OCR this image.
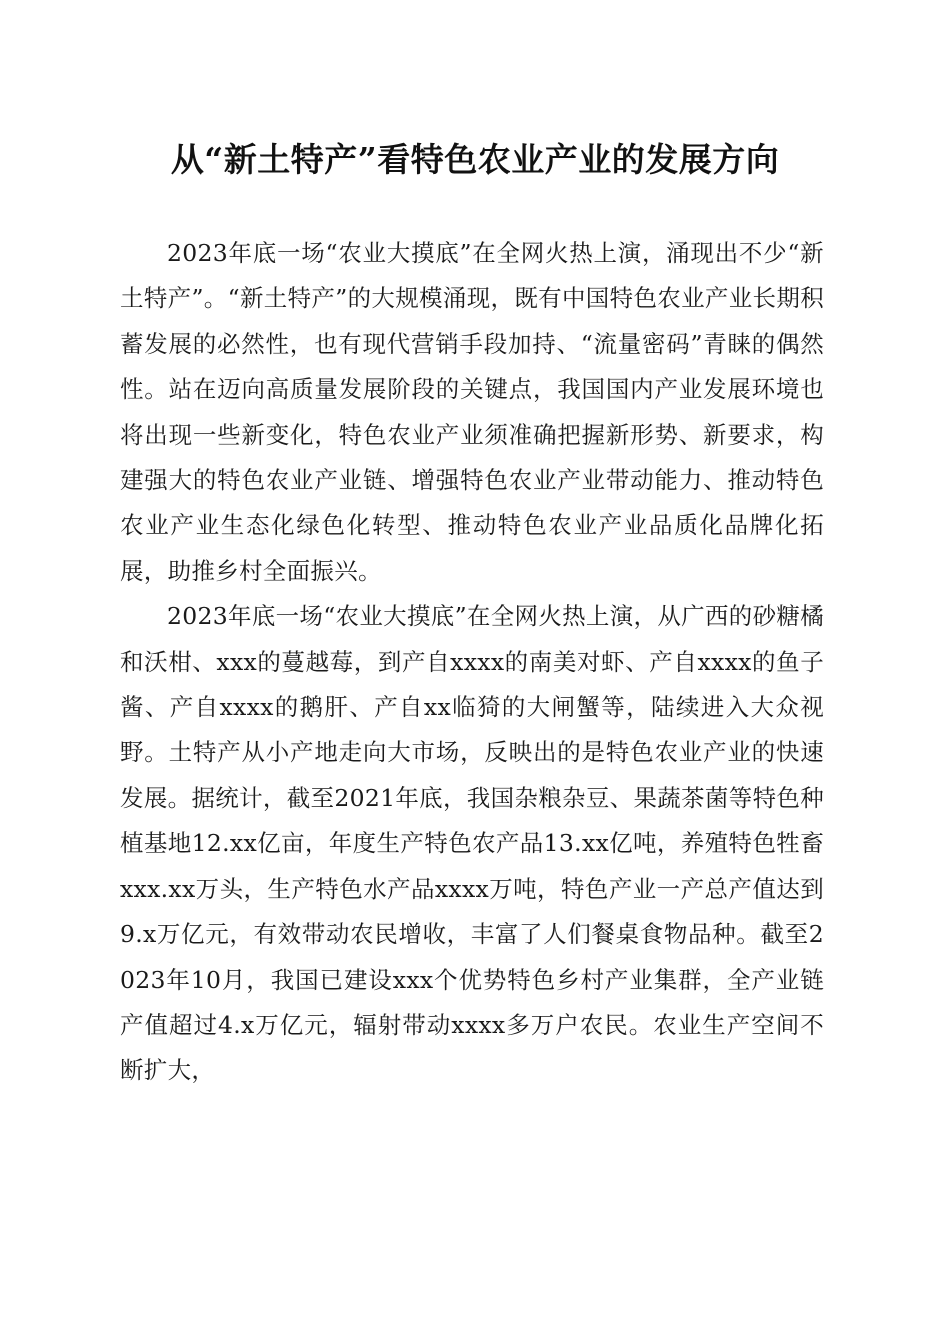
从“新土特产”看特色农业产业的发展方向

2023年底一场“农业大摸底”在全网火热上演，涌现出不少“新土特产”。“新土特产”的大规模涌现，既有中国特色农业产业长期积蓄发展的必然性，也有现代营销手段加持、“流量密码”青睐的偶然性。站在迈向高质量发展阶段的关键点，我国国内产业发展环境也将出现一些新变化，特色农业产业须准确把握新形势、新要求，构建强大的特色农业产业链、增强特色农业产业带动能力、推动特色农业产业生态化绿色化转型、推动特色农业产业品质化品牌化拓展，助推乡村全面振兴。

2023年底一场“农业大摸底”在全网火热上演，从广西的砂糖橘和沃柑、xxx的蔓越莓，到产自xxxx的南美对虾、产自xxxx的鱼子酱、产自xxxx的鹅肝、产自xx临猗的大闸蟹等，陆续进入大众视野。土特产从小产地走向大市场，反映出的是特色农业产业的快速发展。据统计，截至2021年底，我国杂粮杂豆、果蔬茶菌等特色种植基地12.xx亿亩，年度生产特色农产品13.xx亿吨，养殖特色牲畜xxx.xx万头，生产特色水产品xxxx万吨，特色产业一产总产值达到9.x万亿元，有效带动农民增收，丰富了人们餐桌食物品种。截至2023年10月，我国已建设xxx个优势特色乡村产业集群，全产业链产值超过4.x万亿元，辐射带动xxxx多万户农民。农业生产空间不断扩大，
